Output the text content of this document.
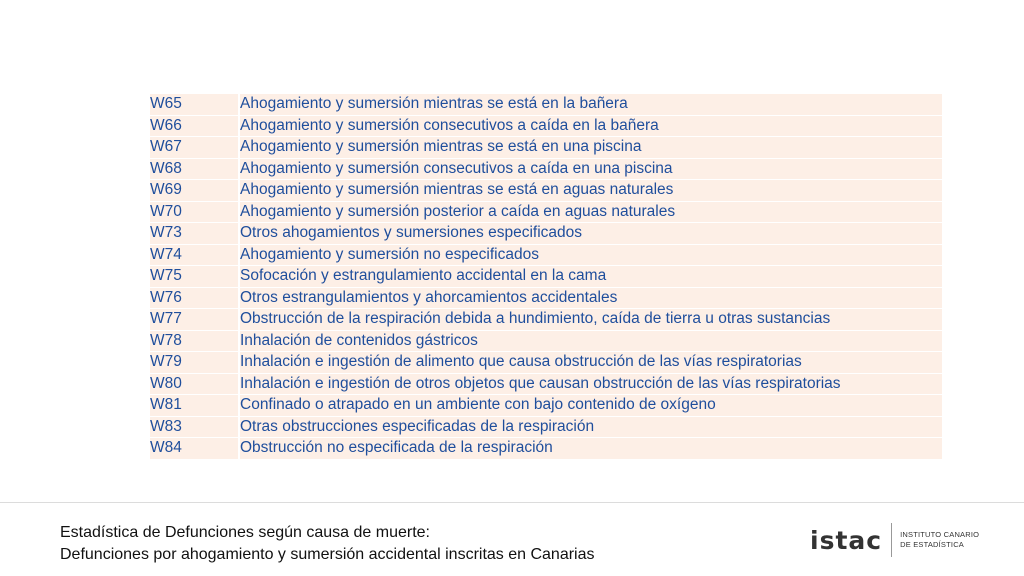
W65	Ahogamiento y sumersión mientras se está en la bañera
W66	Ahogamiento y sumersión consecutivos a caída en la bañera
W67	Ahogamiento y sumersión mientras se está en una piscina
W68	Ahogamiento y sumersión consecutivos a caída en una piscina
W69	Ahogamiento y sumersión mientras se está en aguas naturales
W70	Ahogamiento y sumersión posterior a caída en aguas naturales
W73	Otros ahogamientos y sumersiones especificados
W74	Ahogamiento y sumersión no especificados
W75	Sofocación y estrangulamiento accidental en la cama
W76	Otros estrangulamientos y ahorcamientos accidentales
W77	Obstrucción de la respiración debida a hundimiento, caída de tierra u otras sustancias
W78	Inhalación de contenidos gástricos
W79	Inhalación e ingestión de alimento que causa obstrucción de las vías respiratorias
W80	Inhalación e ingestión de otros objetos que causan obstrucción de las vías respiratorias
W81	Confinado o atrapado en un ambiente con bajo contenido de oxígeno
W83	Otras obstrucciones especificadas de la respiración
W84	Obstrucción no especificada de la respiración
Estadística de Defunciones según causa de muerte:
Defunciones por ahogamiento y sumersión accidental inscritas en Canarias	istac INSTITUTO CANARIO
DE ESTADÍSTICA
